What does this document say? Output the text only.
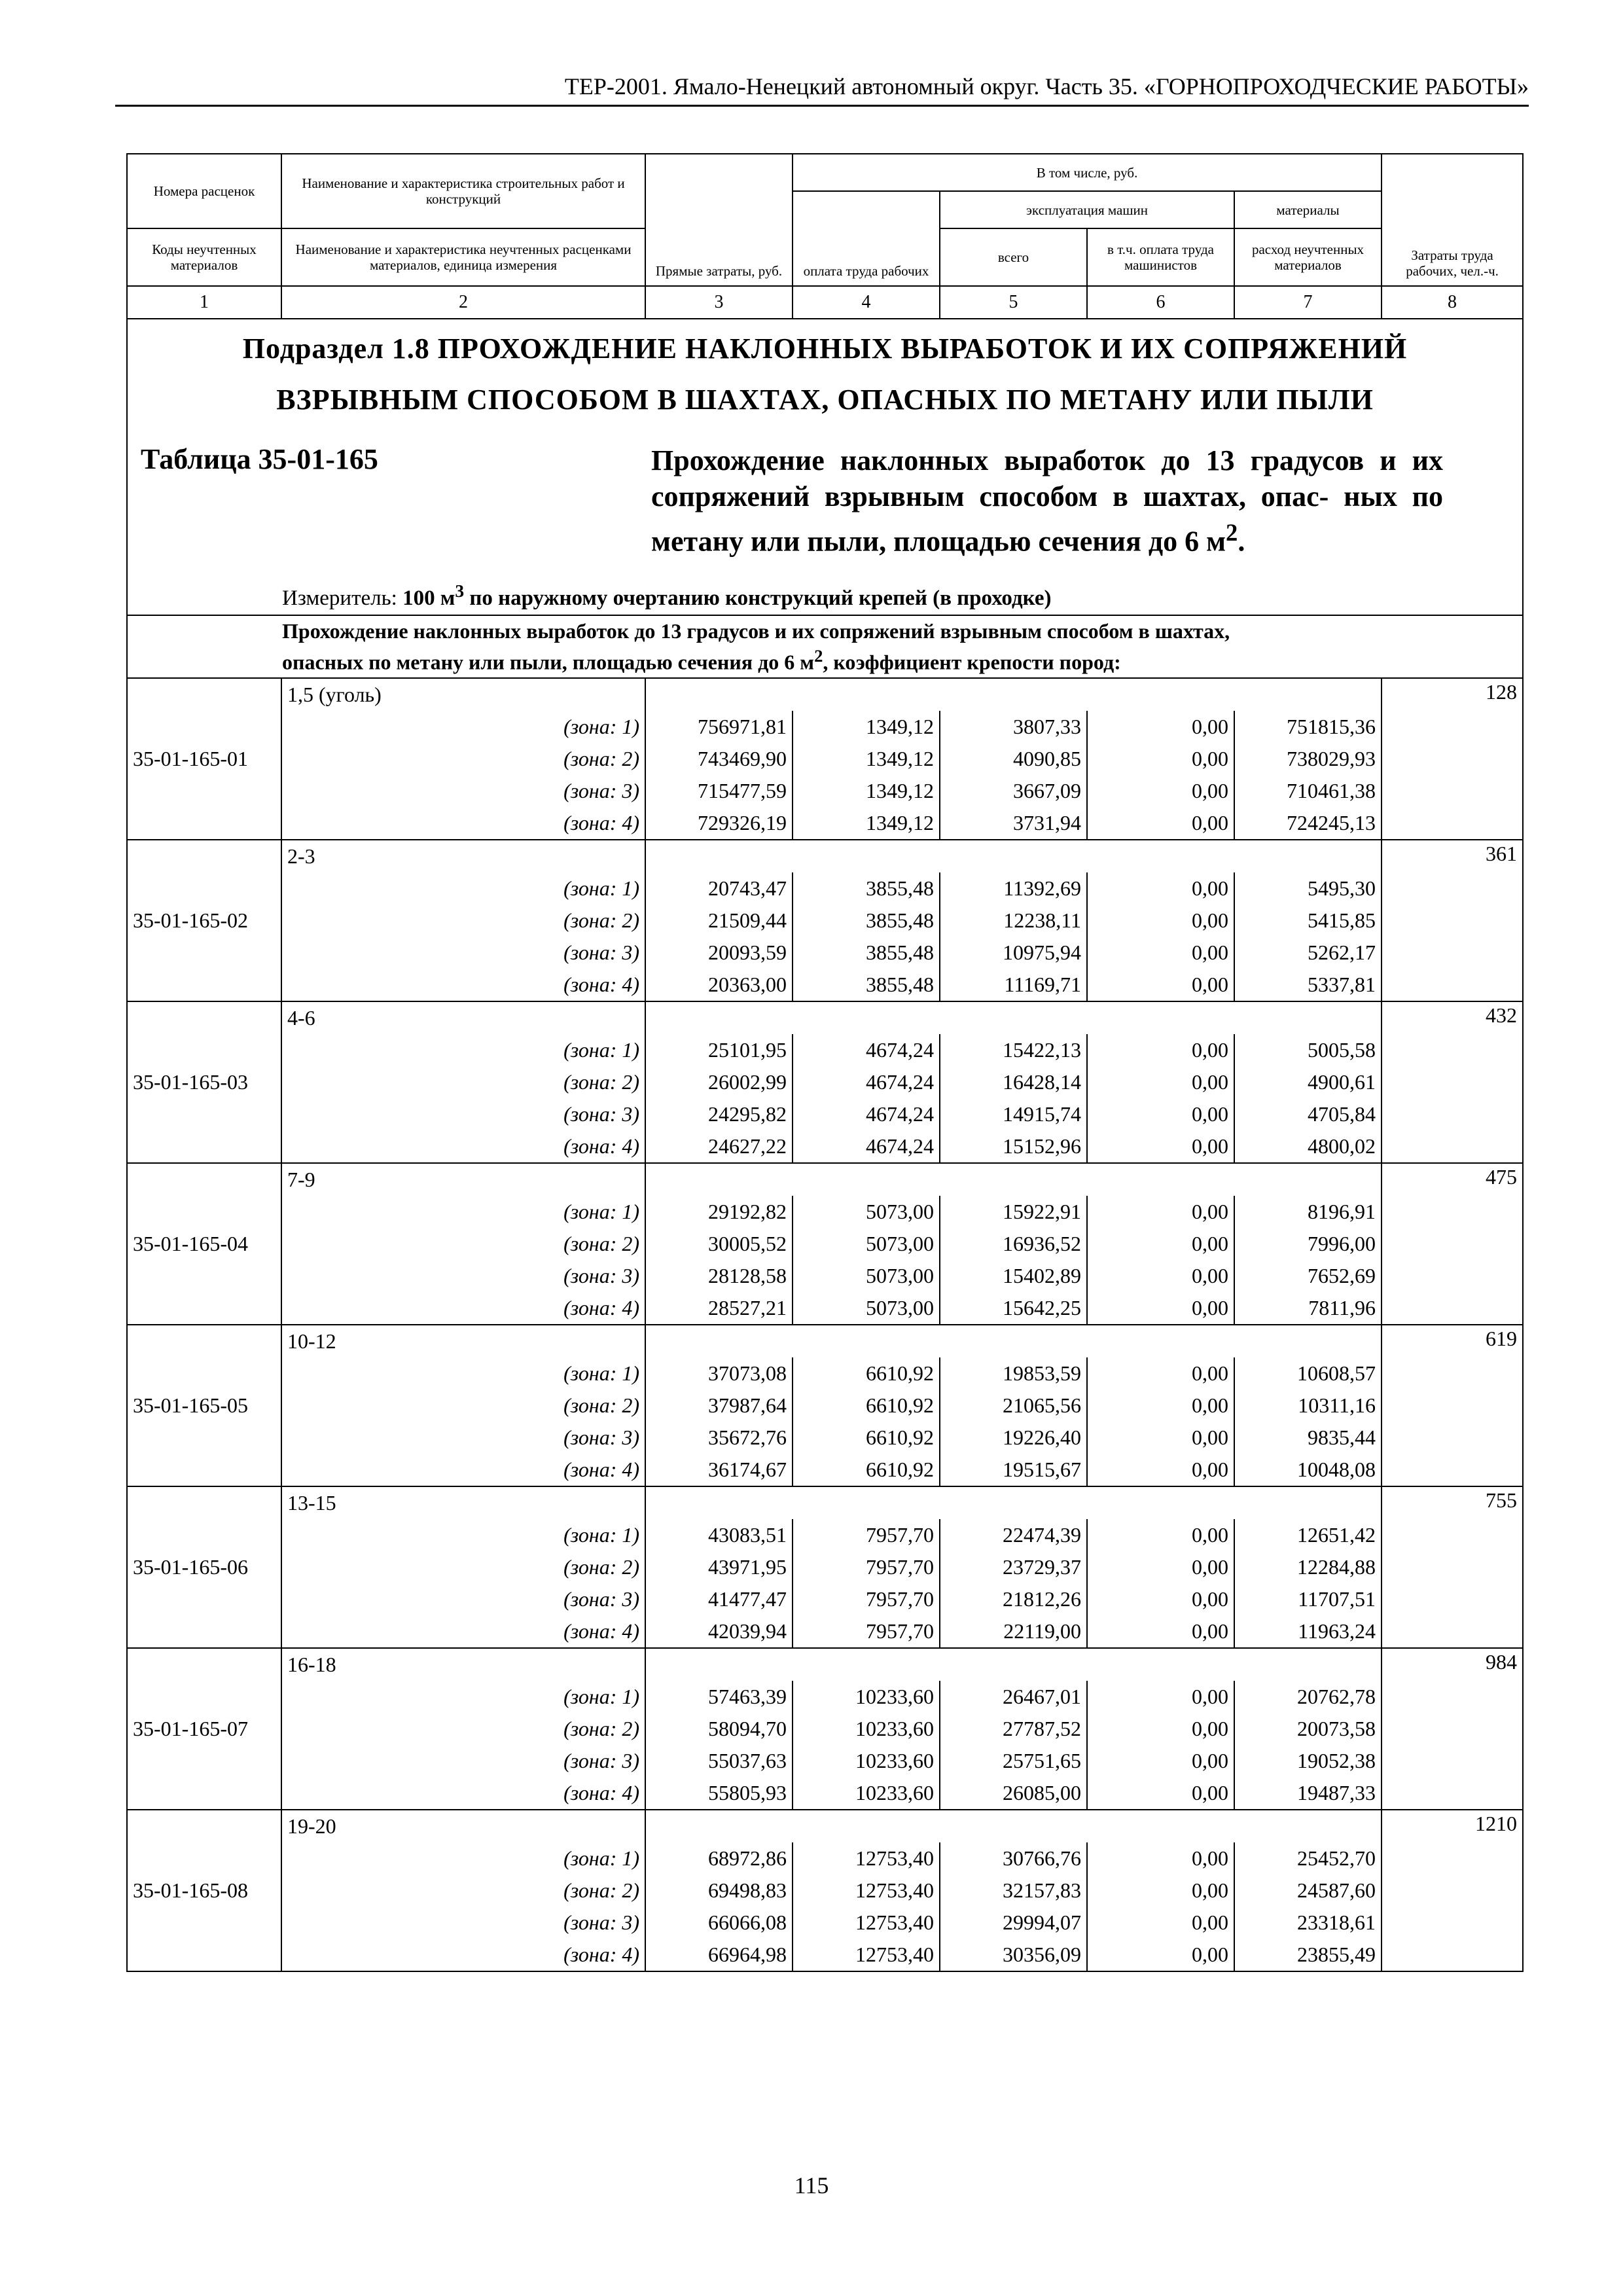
ТЕР-2001. Ямало-Ненецкий автономный округ. Часть 35. «ГОРНОПРОХОДЧЕСКИЕ РАБОТЫ»
Номера расценок	Наименование и характеристика строительных работ и конструкций	Прямые затраты, руб.	В том числе, руб.				Затраты труда рабочих, чел.-ч.
			оплата труда рабочих	эксплуатация машин		материалы	
Коды неучтенных материалов	Наименование и характеристика неучтенных расценками материалов, единица измерения			всего	в т.ч. оплата труда машинистов	расход неучтенных материалов	
1	2	3	4	5	6	7	8

Подраздел 1.8 ПРОХОЖДЕНИЕ НАКЛОННЫХ ВЫРАБОТОК И ИХ СОПРЯЖЕНИЙ
ВЗРЫВНЫМ СПОСОБОМ В ШАХТАХ, ОПАСНЫХ ПО МЕТАНУ ИЛИ ПЫЛИ
Таблица 35-01-165 Прохождение наклонных выработок до 13 градусов и их сопряжений взрывным способом в шахтах, опас- ных по метану или пыли, площадью сечения до 6 $м^2$.
Измеритель: 100 $м^3$ по наружному очертанию конструкций крепей (в проходке)							

Прохождение наклонных выработок до 13 градусов и их сопряжений взрывным способом в шахтах,
опасных по метану или пыли, площадью сечения до 6 $м^2$, коэффициент крепости пород:							

35-01-165-01	1,5 (уголь)						128
	(зона: 1)	756971,81	1349,12	3807,33	0,00	751815,36	
	(зона: 2)	743469,90	1349,12	4090,85	0,00	738029,93	
	(зона: 3)	715477,59	1349,12	3667,09	0,00	710461,38	
	(зона: 4)	729326,19	1349,12	3731,94	0,00	724245,13	
35-01-165-02	2-3						361
	(зона: 1)	20743,47	3855,48	11392,69	0,00	5495,30	
	(зона: 2)	21509,44	3855,48	12238,11	0,00	5415,85	
	(зона: 3)	20093,59	3855,48	10975,94	0,00	5262,17	
	(зона: 4)	20363,00	3855,48	11169,71	0,00	5337,81	
35-01-165-03	4-6						432
	(зона: 1)	25101,95	4674,24	15422,13	0,00	5005,58	
	(зона: 2)	26002,99	4674,24	16428,14	0,00	4900,61	
	(зона: 3)	24295,82	4674,24	14915,74	0,00	4705,84	
	(зона: 4)	24627,22	4674,24	15152,96	0,00	4800,02	
35-01-165-04	7-9						475
	(зона: 1)	29192,82	5073,00	15922,91	0,00	8196,91	
	(зона: 2)	30005,52	5073,00	16936,52	0,00	7996,00	
	(зона: 3)	28128,58	5073,00	15402,89	0,00	7652,69	
	(зона: 4)	28527,21	5073,00	15642,25	0,00	7811,96	
35-01-165-05	10-12						619
	(зона: 1)	37073,08	6610,92	19853,59	0,00	10608,57	
	(зона: 2)	37987,64	6610,92	21065,56	0,00	10311,16	
	(зона: 3)	35672,76	6610,92	19226,40	0,00	9835,44	
	(зона: 4)	36174,67	6610,92	19515,67	0,00	10048,08	
35-01-165-06	13-15						755
	(зона: 1)	43083,51	7957,70	22474,39	0,00	12651,42	
	(зона: 2)	43971,95	7957,70	23729,37	0,00	12284,88	
	(зона: 3)	41477,47	7957,70	21812,26	0,00	11707,51	
	(зона: 4)	42039,94	7957,70	22119,00	0,00	11963,24	
35-01-165-07	16-18						984
	(зона: 1)	57463,39	10233,60	26467,01	0,00	20762,78	
	(зона: 2)	58094,70	10233,60	27787,52	0,00	20073,58	
	(зона: 3)	55037,63	10233,60	25751,65	0,00	19052,38	
	(зона: 4)	55805,93	10233,60	26085,00	0,00	19487,33	
35-01-165-08	19-20						1210
	(зона: 1)	68972,86	12753,40	30766,76	0,00	25452,70	
	(зона: 2)	69498,83	12753,40	32157,83	0,00	24587,60	
	(зона: 3)	66066,08	12753,40	29994,07	0,00	23318,61	
	(зона: 4)	66964,98	12753,40	30356,09	0,00	23855,49	
115
